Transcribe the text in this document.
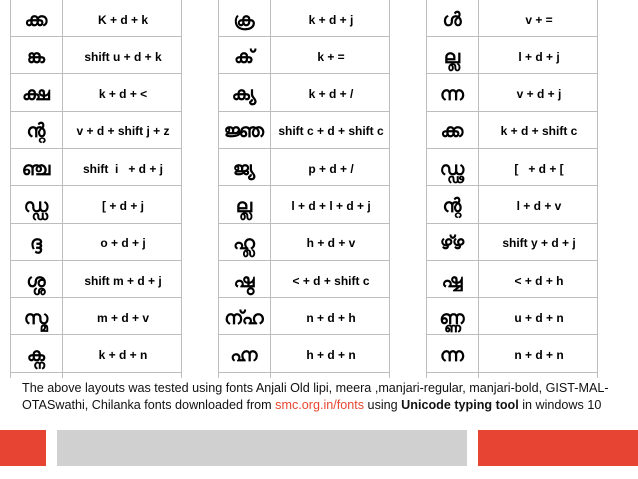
ക്ക	K + d + k
ങ്ക	shift u + d + k
ക്ഷ	k + d + <
ന്റ	v + d + shift j + z
ഞ്ച	shift  i   + d + j
ഡ്ഡ	[ + d + j
ദ്ദ	o + d + j
ശ്ശ	shift m + d + j
സ്മ	m + d + v
ക്ന	k + d + n
ക്ര	k + d + j
ക്	k + =
ക്യ	k + d + /
ജ്ഞ	shift c + d + shift c
ജ്യ	p + d + /
ല്ല	l + d + l + d + j
ഹ്ല	h + d + v
ഷ്ഠ	< + d + shift c
ന്ഹ	n + d + h
ഹ്ന	h + d + n
ൾ	v + =
ല്ല	l + d + j
ന്ന	v + d + j
ക്ക	k + d + shift c
ഡ്ഢ	[   + d + [
ന്റ	l + d + v
ഴ്ഴ	shift y + d + j
ഷ്ഷ	< + d + h
ണ്ണ	u + d + n
ന്ന	n + d + n
The above layouts was tested using fonts Anjali Old lipi, meera ,manjari-regular, manjari-bold, GIST-MAL-OTASwathi, Chilanka fonts downloaded from smc.org.in/fonts using Unicode typing tool in windows 10
